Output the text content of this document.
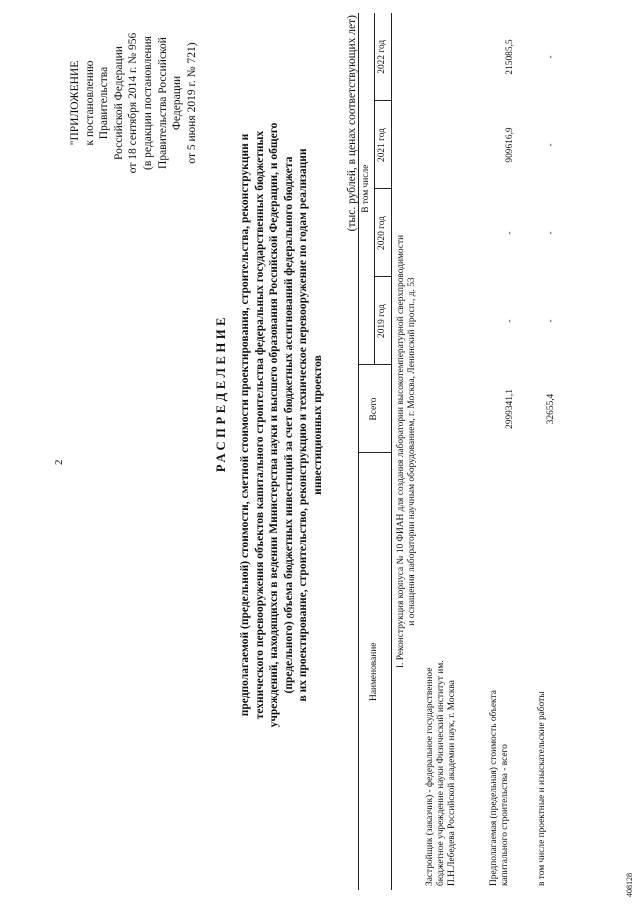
2
"ПРИЛОЖЕНИЕ к постановлению Правительства Российской Федерации от 18 сентября 2014 г. № 956 (в редакции постановления Правительства Российской Федерации от 5 июня 2019 г. № 721)
РАСПРЕДЕЛЕНИЕ предполагаемой (предельной) стоимости, сметной стоимости проектирования, строительства, реконструкции и технического перевооружения объектов капитального строительства федеральных государственных бюджетных учреждений, находящихся в ведении Министерства науки и высшего образования Российской Федерации, и общего (предельного) объема бюджетных инвестиций за счет бюджетных ассигнований федерального бюджета в их проектирование, строительство, реконструкцию и техническое перевооружение по годам реализации инвестиционных проектов
(тыс. рублей, в ценах соответствующих лет)
Наименование	Всего	В том числе			
		2019 год	2020 год	2021 год	2022 год

I. Реконструкция корпуса № 10 ФИАН для создания лаборатории высокотемпературной сверхпроводимости и оснащения лаборатории научным оборудованием, г. Москва, Ленинский просп., д. 53					

Застройщик (заказчик) - федеральное государственное бюджетное учреждение науки Физический институт им. П.Н.Лебедева Российской академии наук, г. Москва					

Предполагаемая (предельная) стоимость объекта капитального строительства - всего	2999341,1	-	-	909616,9	215085,5

в том числе проектные и изыскательские работы	32655,4	-	-	-	-
408128
